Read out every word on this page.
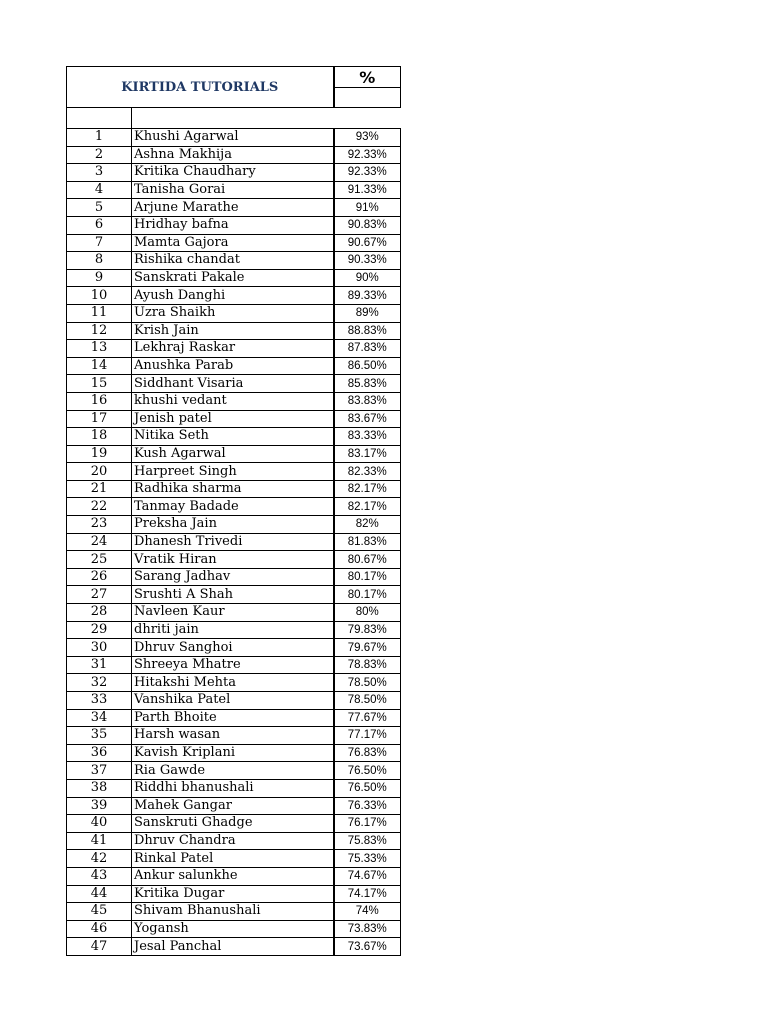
KIRTIDA TUTORIALS		%

1	Khushi Agarwal	93%
2	Ashna Makhija	92.33%
3	Kritika Chaudhary	92.33%
4	Tanisha Gorai	91.33%
5	Arjune Marathe	91%
6	Hridhay bafna	90.83%
7	Mamta Gajora	90.67%
8	Rishika chandat	90.33%
9	Sanskrati Pakale	90%
10	Ayush Danghi	89.33%
11	Uzra Shaikh	89%
12	Krish Jain	88.83%
13	Lekhraj Raskar	87.83%
14	Anushka Parab	86.50%
15	Siddhant Visaria	85.83%
16	khushi vedant	83.83%
17	Jenish patel	83.67%
18	Nitika Seth	83.33%
19	Kush Agarwal	83.17%
20	Harpreet Singh	82.33%
21	Radhika sharma	82.17%
22	Tanmay Badade	82.17%
23	Preksha Jain	82%
24	Dhanesh Trivedi	81.83%
25	Vratik Hiran	80.67%
26	Sarang Jadhav	80.17%
27	Srushti A Shah	80.17%
28	Navleen Kaur	80%
29	dhriti jain	79.83%
30	Dhruv Sanghoi	79.67%
31	Shreeya Mhatre	78.83%
32	Hitakshi Mehta	78.50%
33	Vanshika Patel	78.50%
34	Parth Bhoite	77.67%
35	Harsh wasan	77.17%
36	Kavish Kriplani	76.83%
37	Ria Gawde	76.50%
38	Riddhi bhanushali	76.50%
39	Mahek Gangar	76.33%
40	Sanskruti Ghadge	76.17%
41	Dhruv Chandra	75.83%
42	Rinkal Patel	75.33%
43	Ankur salunkhe	74.67%
44	Kritika Dugar	74.17%
45	Shivam Bhanushali	74%
46	Yogansh	73.83%
47	Jesal Panchal	73.67%
